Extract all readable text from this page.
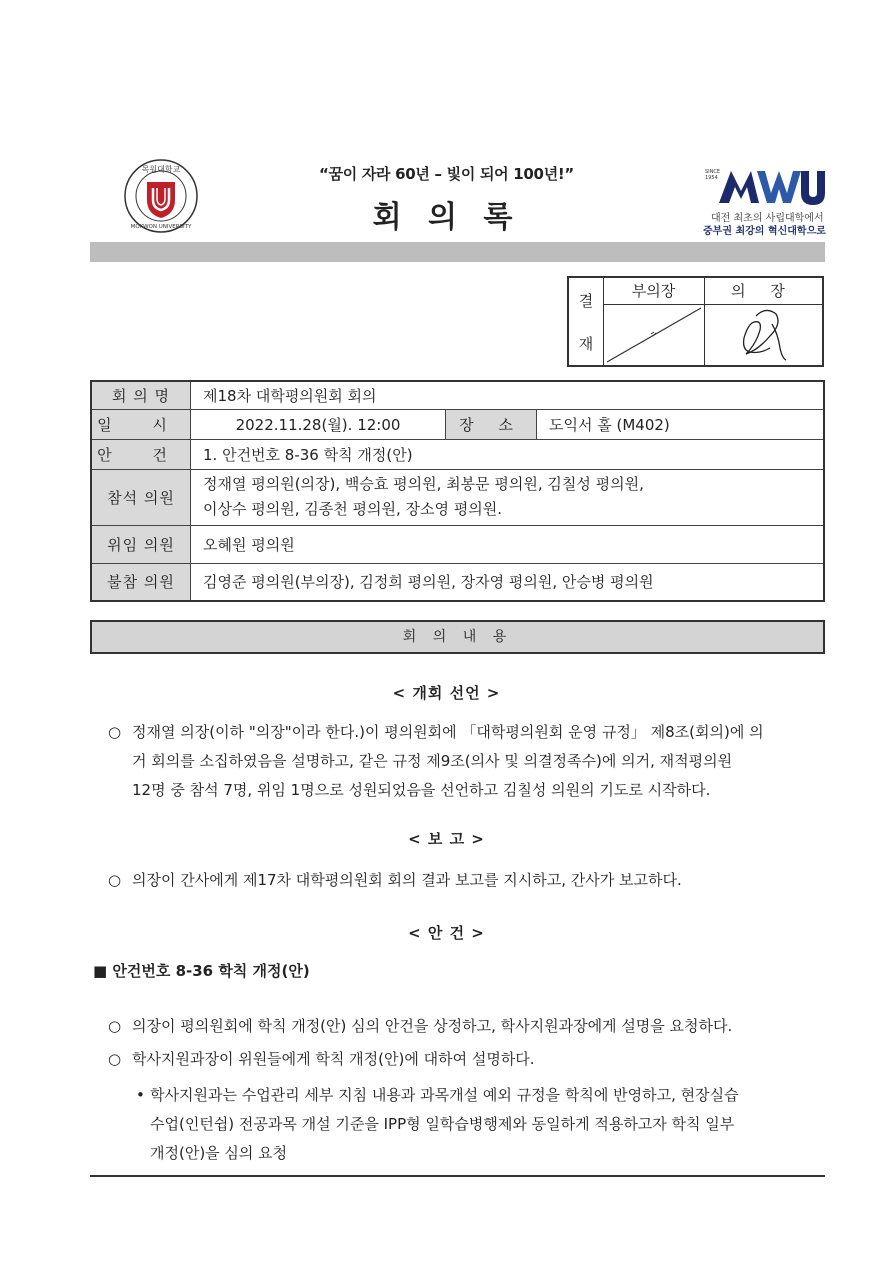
목원대학교
MOKWON UNIVERSITY
“꿈이 자라 60년 – 빛이 되어 100년!”
회 의 록
SINCE
1954
대전 최초의 사립대학에서
중부권 최강의 혁신대학으로
결
재
부의장	의 장
회 의 명	제18차 대학평의원회 회의		
일 시	2022.11.28(월). 12:00	장 소	도익서 홀 (M402)
안 건	1. 안건번호 8-36 학칙 개정(안)		
참석 의원	정재열 평의원(의장), 백승효 평의원, 최봉문 평의원, 김칠성 평의원,
이상수 평의원, 김종천 평의원, 장소영 평의원.		

위임 의원	오혜원 평의원		
불참 의원	김영준 평의원(부의장), 김정희 평의원, 장자영 평의원, 안승병 평의원		
회 의 내 용
< 개회 선언 >
○ 정재열 의장(이하 "의장"이라 한다.)이 평의원회에 「대학평의원회 운영 규정」 제8조(회의)에 의
거 회의를 소집하였음을 설명하고, 같은 규정 제9조(의사 및 의결정족수)에 의거, 재적평의원
12명 중 참석 7명, 위임 1명으로 성원되었음을 선언하고 김칠성 의원의 기도로 시작하다.
< 보 고 >
○ 의장이 간사에게 제17차 대학평의원회 회의 결과 보고를 지시하고, 간사가 보고하다.
< 안 건 >
■ 안건번호 8-36 학칙 개정(안)
○ 의장이 평의원회에 학칙 개정(안) 심의 안건을 상정하고, 학사지원과장에게 설명을 요청하다.
○ 학사지원과장이 위원들에게 학칙 개정(안)에 대하여 설명하다.
• 학사지원과는 수업관리 세부 지침 내용과 과목개설 예외 규정을 학칙에 반영하고, 현장실습
수업(인턴쉽) 전공과목 개설 기준을 IPP형 일학습병행제와 동일하게 적용하고자 학칙 일부
개정(안)을 심의 요청
